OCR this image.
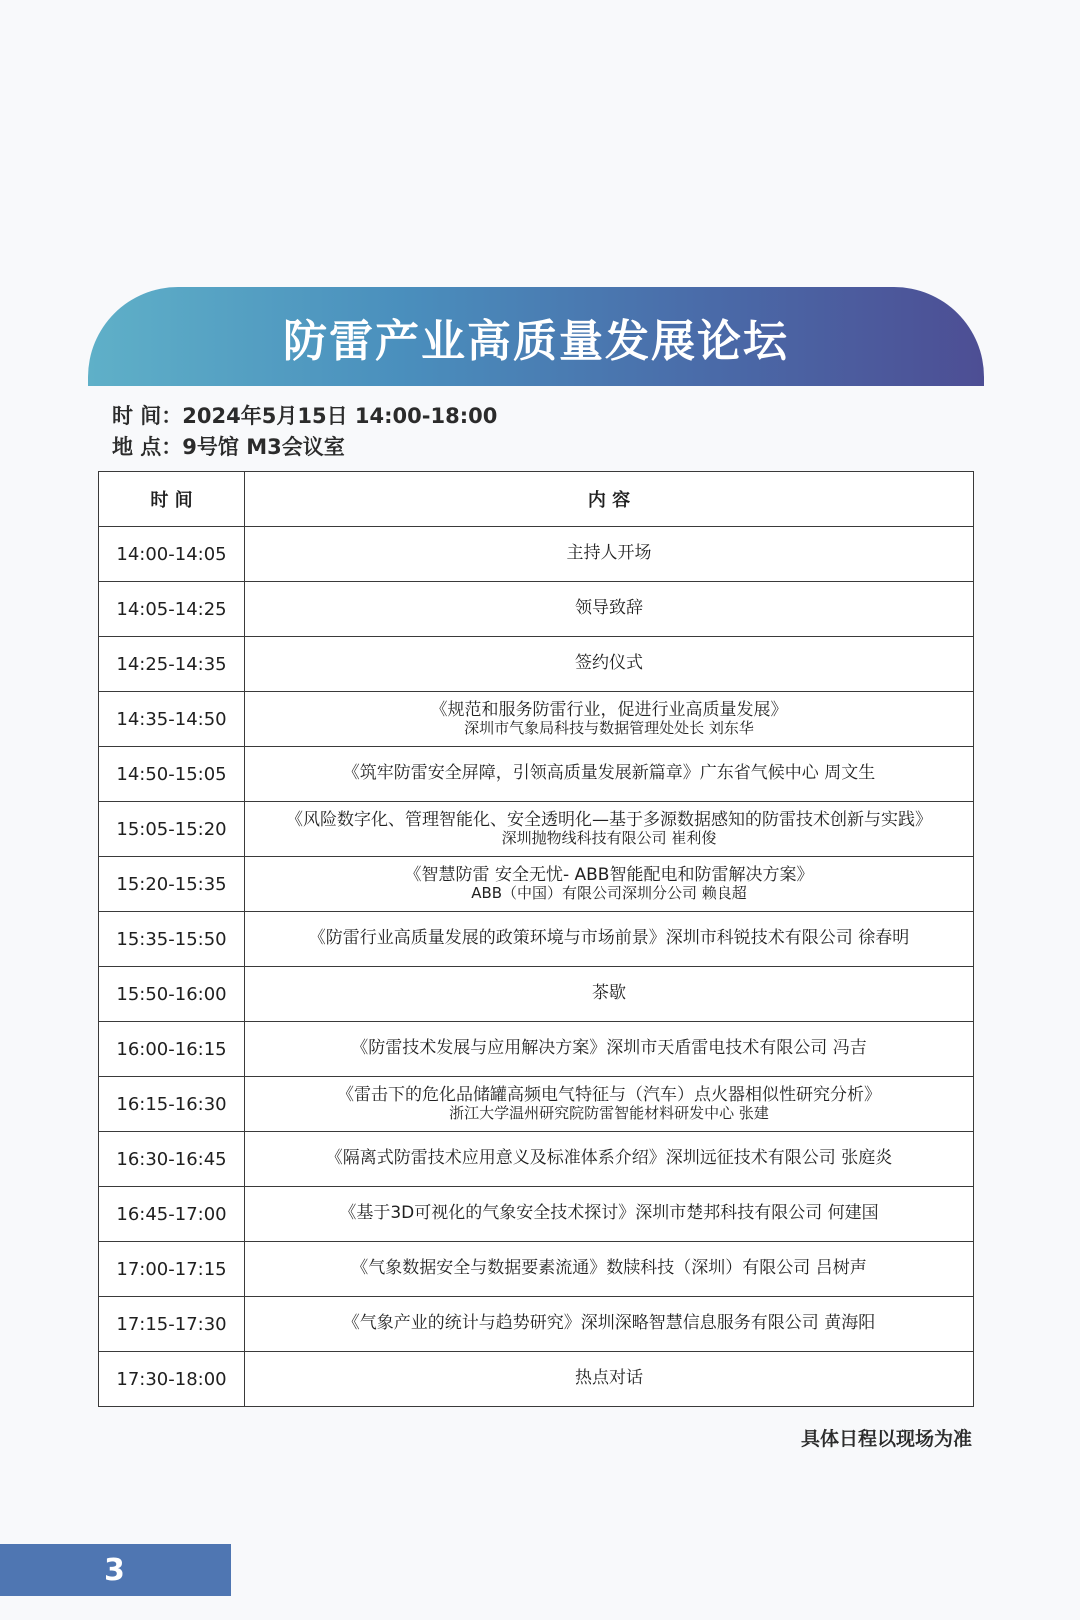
防雷产业高质量发展论坛
时 间：2024年5月15日 14:00-18:00
地 点：9号馆 M3会议室
时 间	内 容
14:00-14:05	主持人开场

14:05-14:25	领导致辞

14:25-14:35	签约仪式

14:35-14:50	《规范和服务防雷行业，促进行业高质量发展》
深圳市气象局科技与数据管理处处长 刘东华

14:50-15:05	《筑牢防雷安全屏障，引领高质量发展新篇章》广东省气候中心 周文生

15:05-15:20	《风险数字化、管理智能化、安全透明化—基于多源数据感知的防雷技术创新与实践》
深圳抛物线科技有限公司 崔利俊

15:20-15:35	《智慧防雷 安全无忧- ABB智能配电和防雷解决方案》
ABB（中国）有限公司深圳分公司 赖良超

15:35-15:50	《防雷行业高质量发展的政策环境与市场前景》深圳市科锐技术有限公司 徐春明

15:50-16:00	茶歇

16:00-16:15	《防雷技术发展与应用解决方案》深圳市天盾雷电技术有限公司 冯吉

16:15-16:30	《雷击下的危化品储罐高频电气特征与（汽车）点火器相似性研究分析》
浙江大学温州研究院防雷智能材料研发中心 张建

16:30-16:45	《隔离式防雷技术应用意义及标准体系介绍》深圳远征技术有限公司 张庭炎

16:45-17:00	《基于3D可视化的气象安全技术探讨》深圳市楚邦科技有限公司 何建国

17:00-17:15	《气象数据安全与数据要素流通》数牍科技（深圳）有限公司 吕树声

17:15-17:30	《气象产业的统计与趋势研究》深圳深略智慧信息服务有限公司 黄海阳

17:30-18:00	热点对话
具体日程以现场为准
3
